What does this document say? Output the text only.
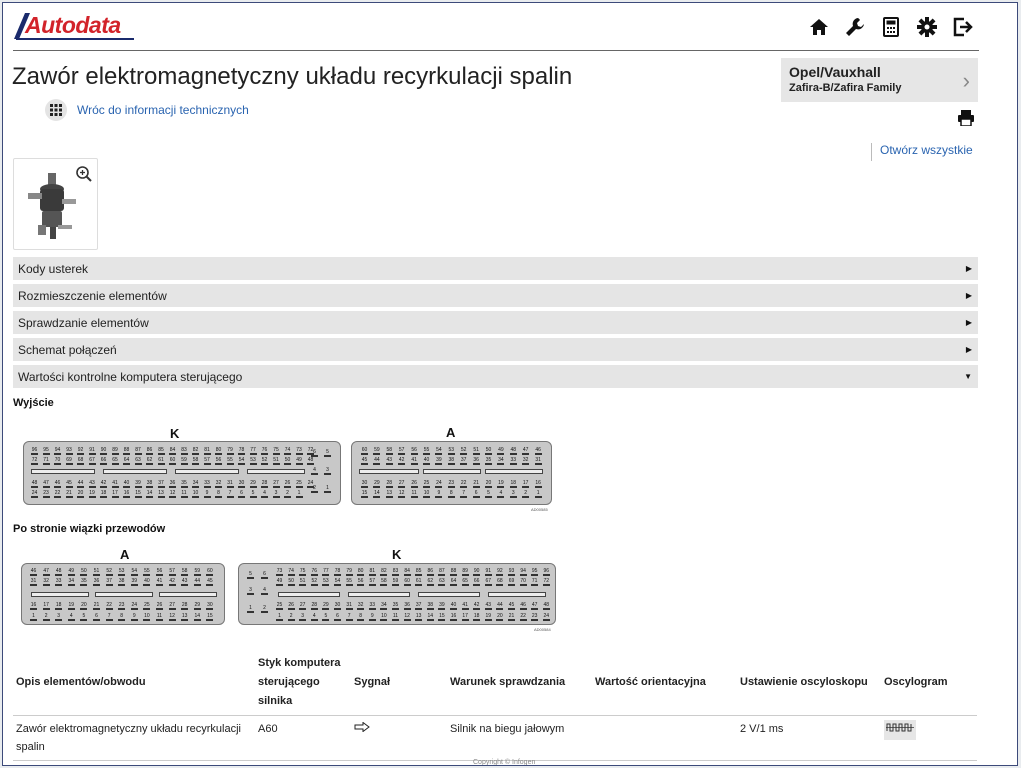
Autodata
Zawór elektromagnetyczny układu recyrkulacji spalin
Wróc do informacji technicznych
Opel/Vauxhall
Zafira-B/Zafira Family	›
Otwórz wszystkie
Kody usterek	▶
Rozmieszczenie elementów	▶
Sprawdzanie elementów	▶
Schemat połączeń	▶
Wartości kontrolne komputera sterującego	▼
Wyjście
K
96	95	94	93	92	91	90	89	88	87	86	85	84	83	82	81	80	79	78	77	76	75	74	73	72
72	71	70	69	68	67	66	65	64	63	62	61	60	59	58	57	56	55	54	53	52	51	50	49	48
48	47	46	45	44	43	42	41	40	39	38	37	36	35	34	33	32	31	30	29	28	27	26	25	24
24	23	22	21	20	19	18	17	16	15	14	13	12	11	10	9	8	7	6	5	4	3	2	1
6	5
4	3
2	1
A
AD00585
60	59	58	57	56	55	54	53	52	51	50	49	48	47	46
45	44	43	42	41	40	39	38	37	36	35	34	33	32	31
30	29	28	27	26	25	24	23	22	21	20	19	18	17	16
15	14	13	12	11	10	9	8	7	6	5	4	3	2	1
Po stronie wiązki przewodów
A
46	47	48	49	50	51	52	53	54	55	56	57	58	59	60
31	32	33	34	35	36	37	38	39	40	41	42	43	44	45
16	17	18	19	20	21	22	23	24	25	26	27	28	29	30
1	2	3	4	5	6	7	8	9	10	11	12	13	14	15
K
AD00584
5	6
3	4
1	2
73	74	75	76	77	78	79	80	81	82	83	84	85	86	87	88	89	90	91	92	93	94	95	96
49	50	51	52	53	54	55	56	57	58	59	60	61	62	63	64	65	66	67	68	69	70	71	72
25	26	27	28	29	30	31	32	33	34	35	36	37	38	39	40	41	42	43	44	45	46	47	48
1	2	3	4	5	6	7	8	9	10	11	12	13	14	15	16	17	18	19	20	21	22	23	24
Opis elementów/obwodu	Styk komputera sterującego silnika	Sygnał	Warunek sprawdzania	Wartość orientacyjna	Ustawienie oscyloskopu	Oscylogram
Zawór elektromagnetyczny układu recyrkulacji spalin	A60		Silnik na biegu jałowym		2 V/1 ms	
Copyright © Infogen
